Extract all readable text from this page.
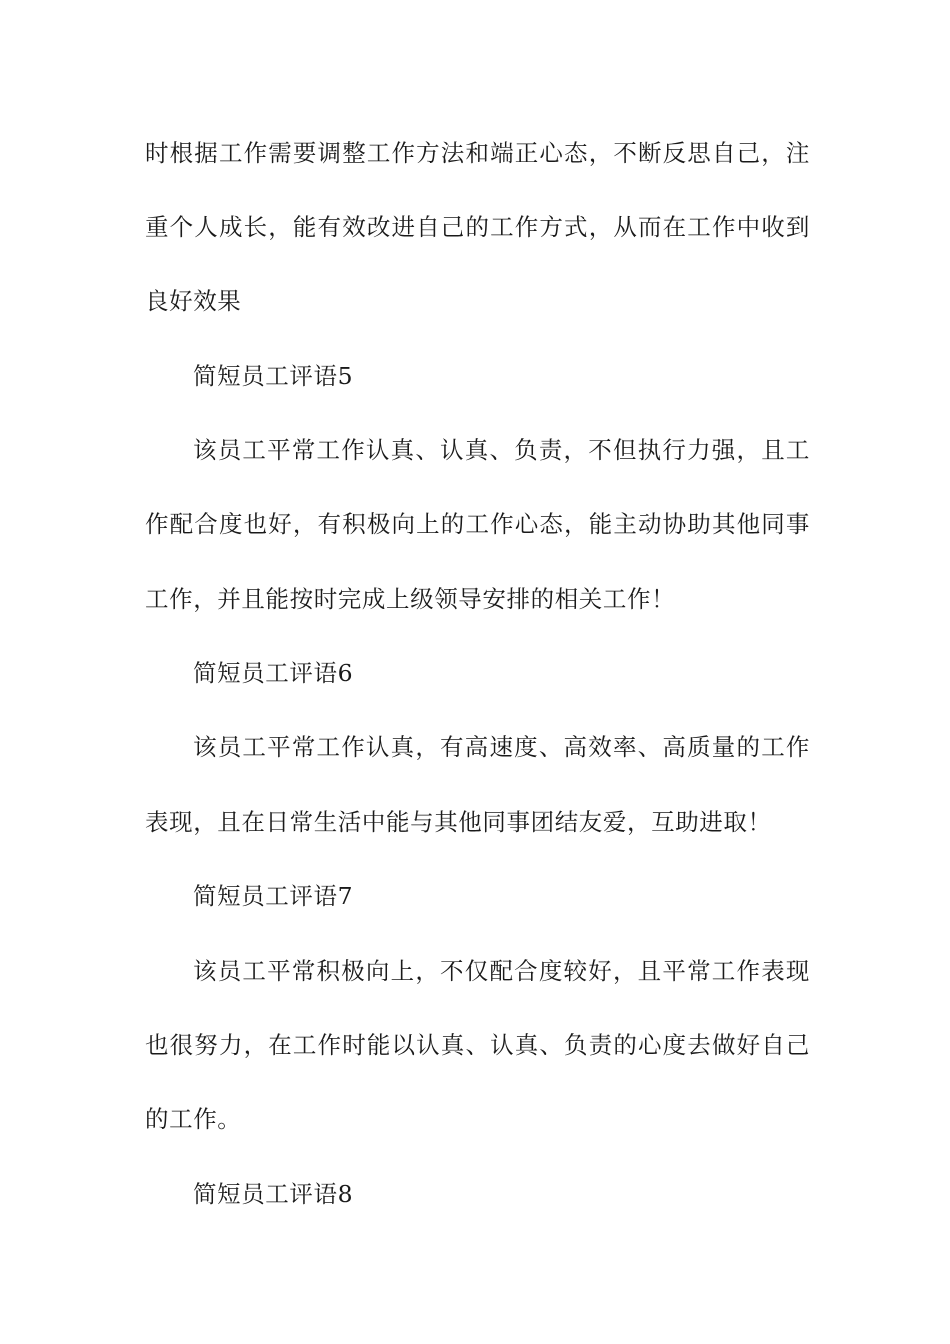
时根据工作需要调整工作方法和端正心态，不断反思自己，注
重个人成长，能有效改进自己的工作方式，从而在工作中收到
良好效果
简短员工评语5
该员工平常工作认真、认真、负责，不但执行力强，且工
作配合度也好，有积极向上的工作心态，能主动协助其他同事
工作，并且能按时完成上级领导安排的相关工作！
简短员工评语6
该员工平常工作认真，有高速度、高效率、高质量的工作
表现，且在日常生活中能与其他同事团结友爱，互助进取！
简短员工评语7
该员工平常积极向上，不仅配合度较好，且平常工作表现
也很努力，在工作时能以认真、认真、负责的心度去做好自己
的工作。
简短员工评语8
